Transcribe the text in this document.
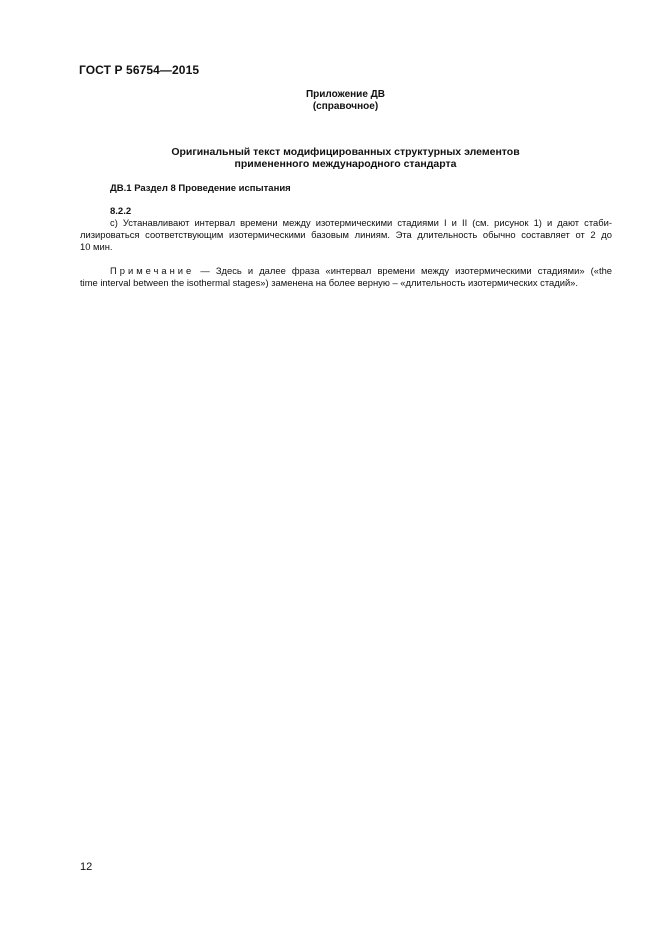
ГОСТ Р 56754—2015
Приложение ДВ
(справочное)
Оригинальный текст модифицированных структурных элементов
примененного международного стандарта
ДВ.1 Раздел 8 Проведение испытания
8.2.2
с) Устанавливают интервал времени между изотермическими стадиями I и II (см. рисунок 1) и дают стаби-
лизироваться соответствующим изотермическими базовым линиям. Эта длительность обычно составляет от 2 до
10 мин.
Примечание — Здесь и далее фраза «интервал времени между изотермическими стадиями» («the
time interval between the isothermal stages») заменена на более верную – «длительность изотермических стадий».
12
